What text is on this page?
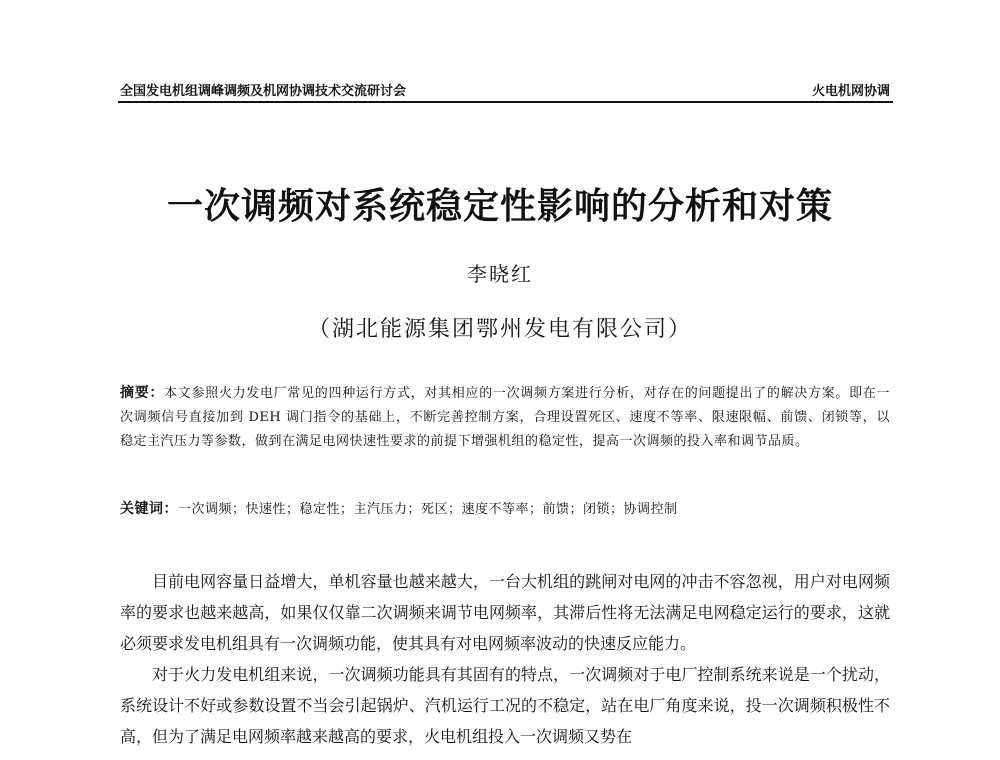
全国发电机组调峰调频及机网协调技术交流研讨会	火电机网协调
一次调频对系统稳定性影响的分析和对策
李晓红
（湖北能源集团鄂州发电有限公司）
摘要：本文参照火力发电厂常见的四种运行方式，对其相应的一次调频方案进行分析，对存在的问题提出了的解决方案。即在一次调频信号直接加到 DEH 调门指令的基础上，不断完善控制方案，合理设置死区、速度不等率、限速限幅、前馈、闭锁等，以稳定主汽压力等参数，做到在满足电网快速性要求的前提下增强机组的稳定性，提高一次调频的投入率和调节品质。
关键词：一次调频；快速性；稳定性；主汽压力；死区；速度不等率；前馈；闭锁；协调控制

目前电网容量日益增大，单机容量也越来越大，一台大机组的跳闸对电网的冲击不容忽视，用户对电网频率的要求也越来越高，如果仅仅靠二次调频来调节电网频率，其滞后性将无法满足电网稳定运行的要求，这就必须要求发电机组具有一次调频功能，使其具有对电网频率波动的快速反应能力。

对于火力发电机组来说，一次调频功能具有其固有的特点，一次调频对于电厂控制系统来说是一个扰动，系统设计不好或参数设置不当会引起锅炉、汽机运行工况的不稳定，站在电厂角度来说，投一次调频积极性不高，但为了满足电网频率越来越高的要求，火电机组投入一次调频又势在
